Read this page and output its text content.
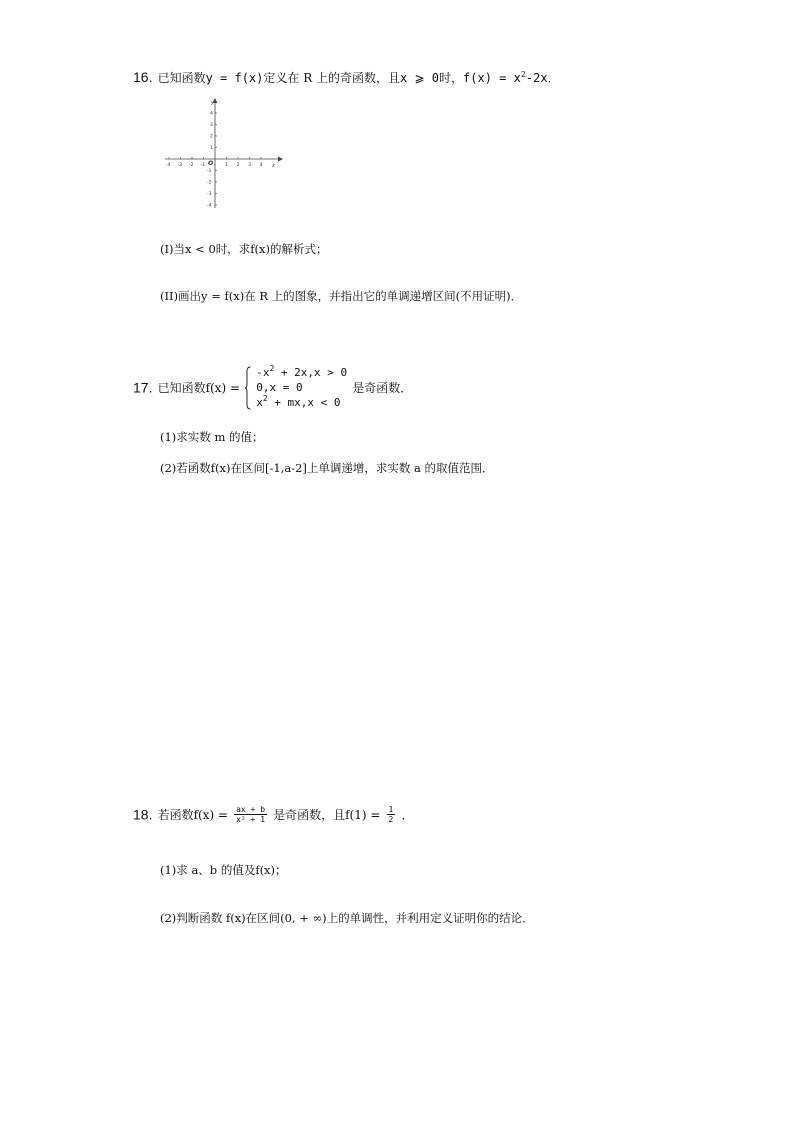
16. 已知函数y = f(x)定义在 R 上的奇函数，且x ⩾ 0时，$f(x) = x^2-2x$．
-4 -3 -2 -1	1 2 3 4
4
3
2
1
-1
-2
-3
-4
O	x
y
(I)当x < 0时，求f(x)的解析式；
(II)画出y = f(x)在 R 上的图象，并指出它的单调递增区间(不用证明)．
17. 已知函数f(x) =
$-x^2 + 2x,x > 0$
0,x = 0
$x^2 + mx,x < 0$
是奇函数．
(1)求实数 m 的值；
(2)若函数f(x)在区间[-1,a-2]上单调递增，求实数 a 的取值范围．
18. 若函数$f(x) = \frac{ax + b}{\text{x² + 1}}$ 是奇函数，且$f(1) = \frac{1}{2}$ ．
(1)求 a、b 的值及f(x)；
(2)判断函数 f(x)在区间(0, + ∞)上的单调性，并利用定义证明你的结论．
